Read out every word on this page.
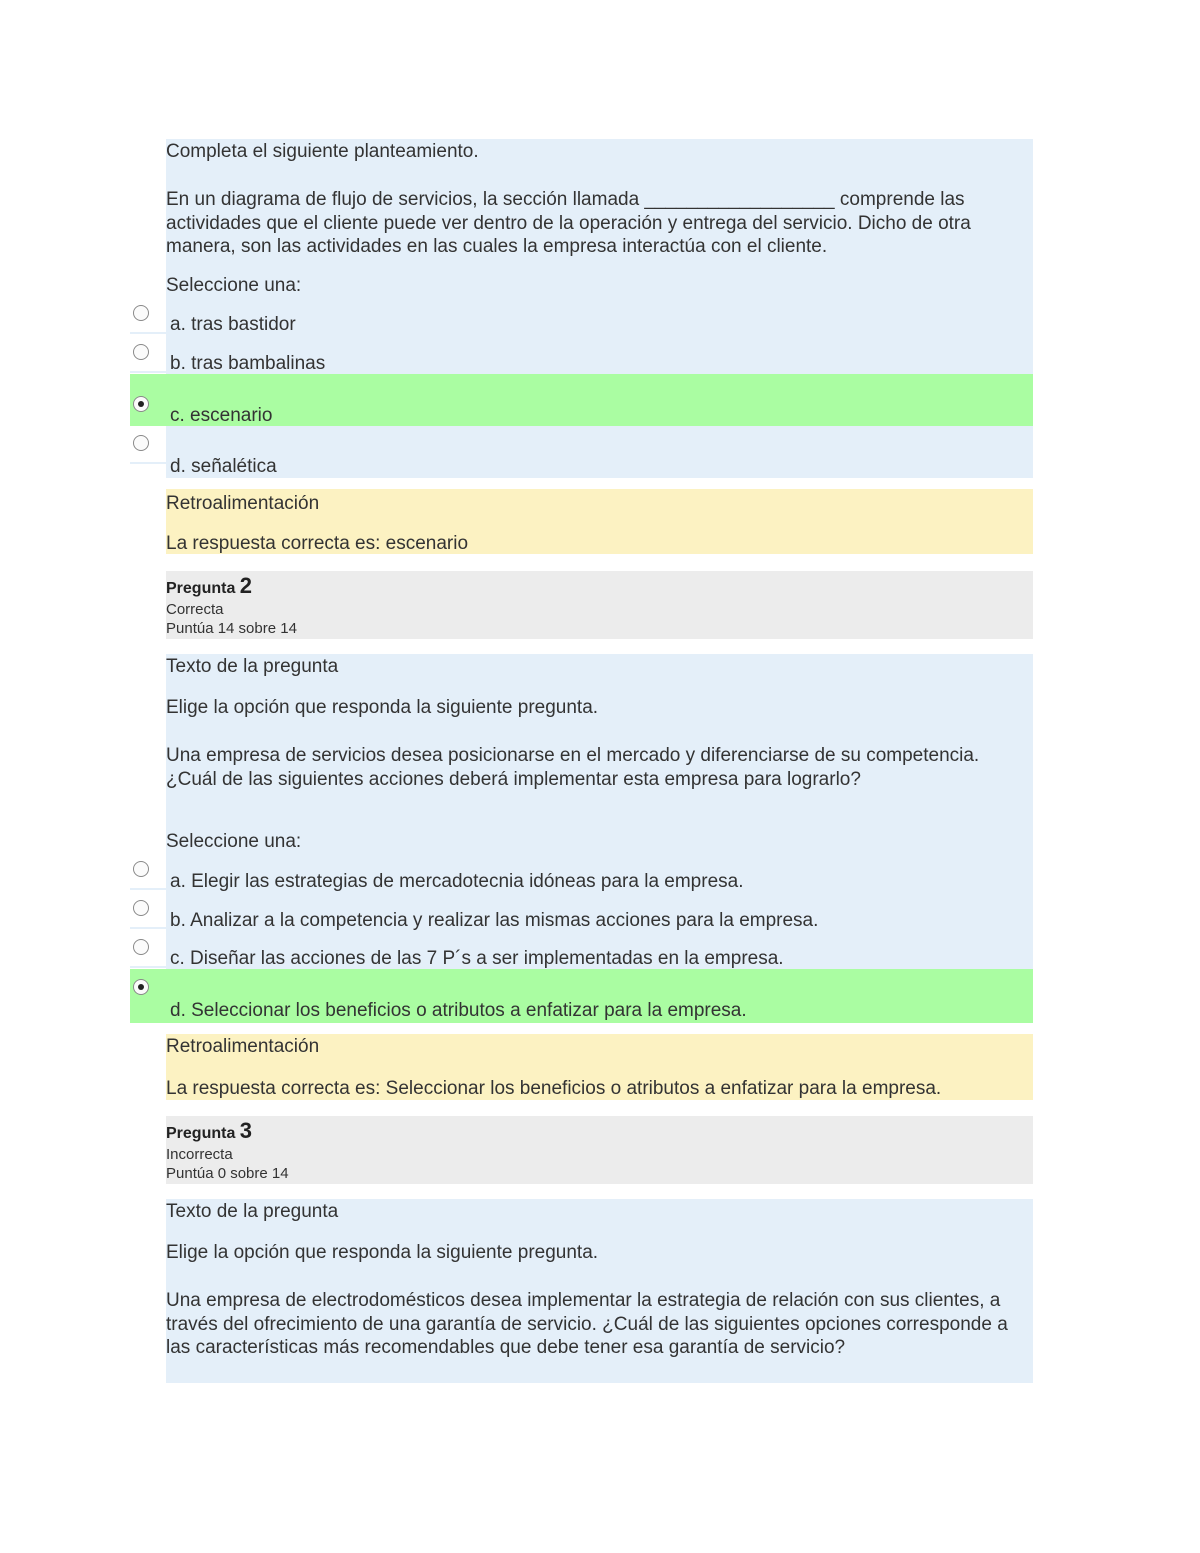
Completa el siguiente planteamiento.
En un diagrama de flujo de servicios, la sección llamada __________________ comprende las actividades que el cliente puede ver dentro de la operación y entrega del servicio. Dicho de otra manera, son las actividades en las cuales la empresa interactúa con el cliente.
Seleccione una:
a. tras bastidor
b. tras bambalinas
c. escenario
d. señalética
Retroalimentación
La respuesta correcta es: escenario
Pregunta 2
Correcta
Puntúa 14 sobre 14
Texto de la pregunta
Elige la opción que responda la siguiente pregunta.
Una empresa de servicios desea posicionarse en el mercado y diferenciarse de su competencia. ¿Cuál de las siguientes acciones deberá implementar esta empresa para lograrlo?
Seleccione una:
a. Elegir las estrategias de mercadotecnia idóneas para la empresa.
b. Analizar a la competencia y realizar las mismas acciones para la empresa.
c. Diseñar las acciones de las 7 P´s a ser implementadas en la empresa.
d. Seleccionar los beneficios o atributos a enfatizar para la empresa.
Retroalimentación
La respuesta correcta es: Seleccionar los beneficios o atributos a enfatizar para la empresa.
Pregunta 3
Incorrecta
Puntúa 0 sobre 14
Texto de la pregunta
Elige la opción que responda la siguiente pregunta.
Una empresa de electrodomésticos desea implementar la estrategia de relación con sus clientes, a través del ofrecimiento de una garantía de servicio. ¿Cuál de las siguientes opciones corresponde a las características más recomendables que debe tener esa garantía de servicio?
